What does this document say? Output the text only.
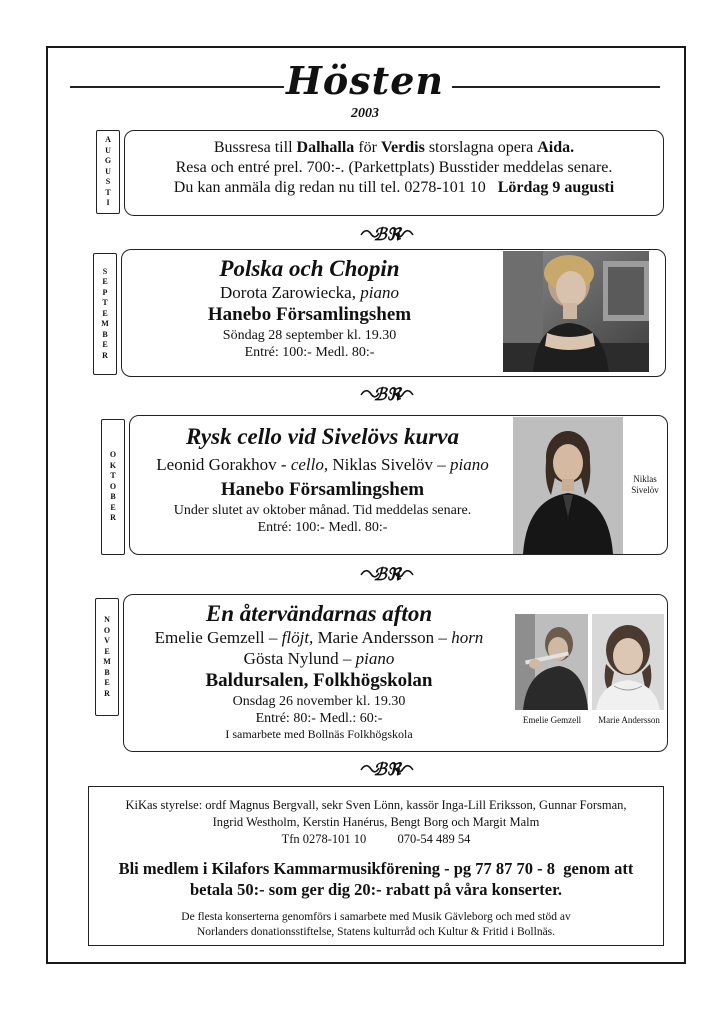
Hösten
2003
A
U
G
U
S
T
I
Bussresa till Dalhalla för Verdis storslagna opera Aida.
Resa och entré prel. 700:-. (Parkettplats) Busstider meddelas senare.
Du kan anmäla dig redan nu till tel. 0278-101 10 Lördag 9 augusti
ℬℜ
S
E
P
T
E
M
B
E
R
Polska och Chopin
Dorota Zarowiecka, piano
Hanebo Församlingshem
Söndag 28 september kl. 19.30
Entré: 100:- Medl. 80:-
ℬℜ
O
K
T
O
B
E
R
Rysk cello vid Sivelövs kurva
Leonid Gorakhov - cello, Niklas Sivelöv – piano
Hanebo Församlingshem
Under slutet av oktober månad. Tid meddelas senare.
Entré: 100:- Medl. 80:-
Niklas Sivelöv
ℬℜ
N
O
V
E
M
B
E
R
En återvändarnas afton
Emelie Gemzell – flöjt, Marie Andersson – horn
Gösta Nylund – piano
Baldursalen, Folkhögskolan
Onsdag 26 november kl. 19.30
Entré: 80:- Medl.: 60:-
I samarbete med Bollnäs Folkhögskola
Emelie Gemzell	Marie Andersson
ℬℜ
KiKas styrelse: ordf Magnus Bergvall, sekr Sven Lönn, kassör Inga-Lill Eriksson, Gunnar Forsman,
Ingrid Westholm, Kerstin Hanérus, Bengt Borg och Margit Malm
Tfn 0278-101 10          070-54 489 54
Bli medlem i Kilafors Kammarmusikförening - pg 77 87 70 - 8  genom att
betala 50:- som ger dig 20:- rabatt på våra konserter.
De flesta konserterna genomförs i samarbete med Musik Gävleborg och med stöd av
Norlanders donationsstiftelse, Statens kulturråd och Kultur & Fritid i Bollnäs.
